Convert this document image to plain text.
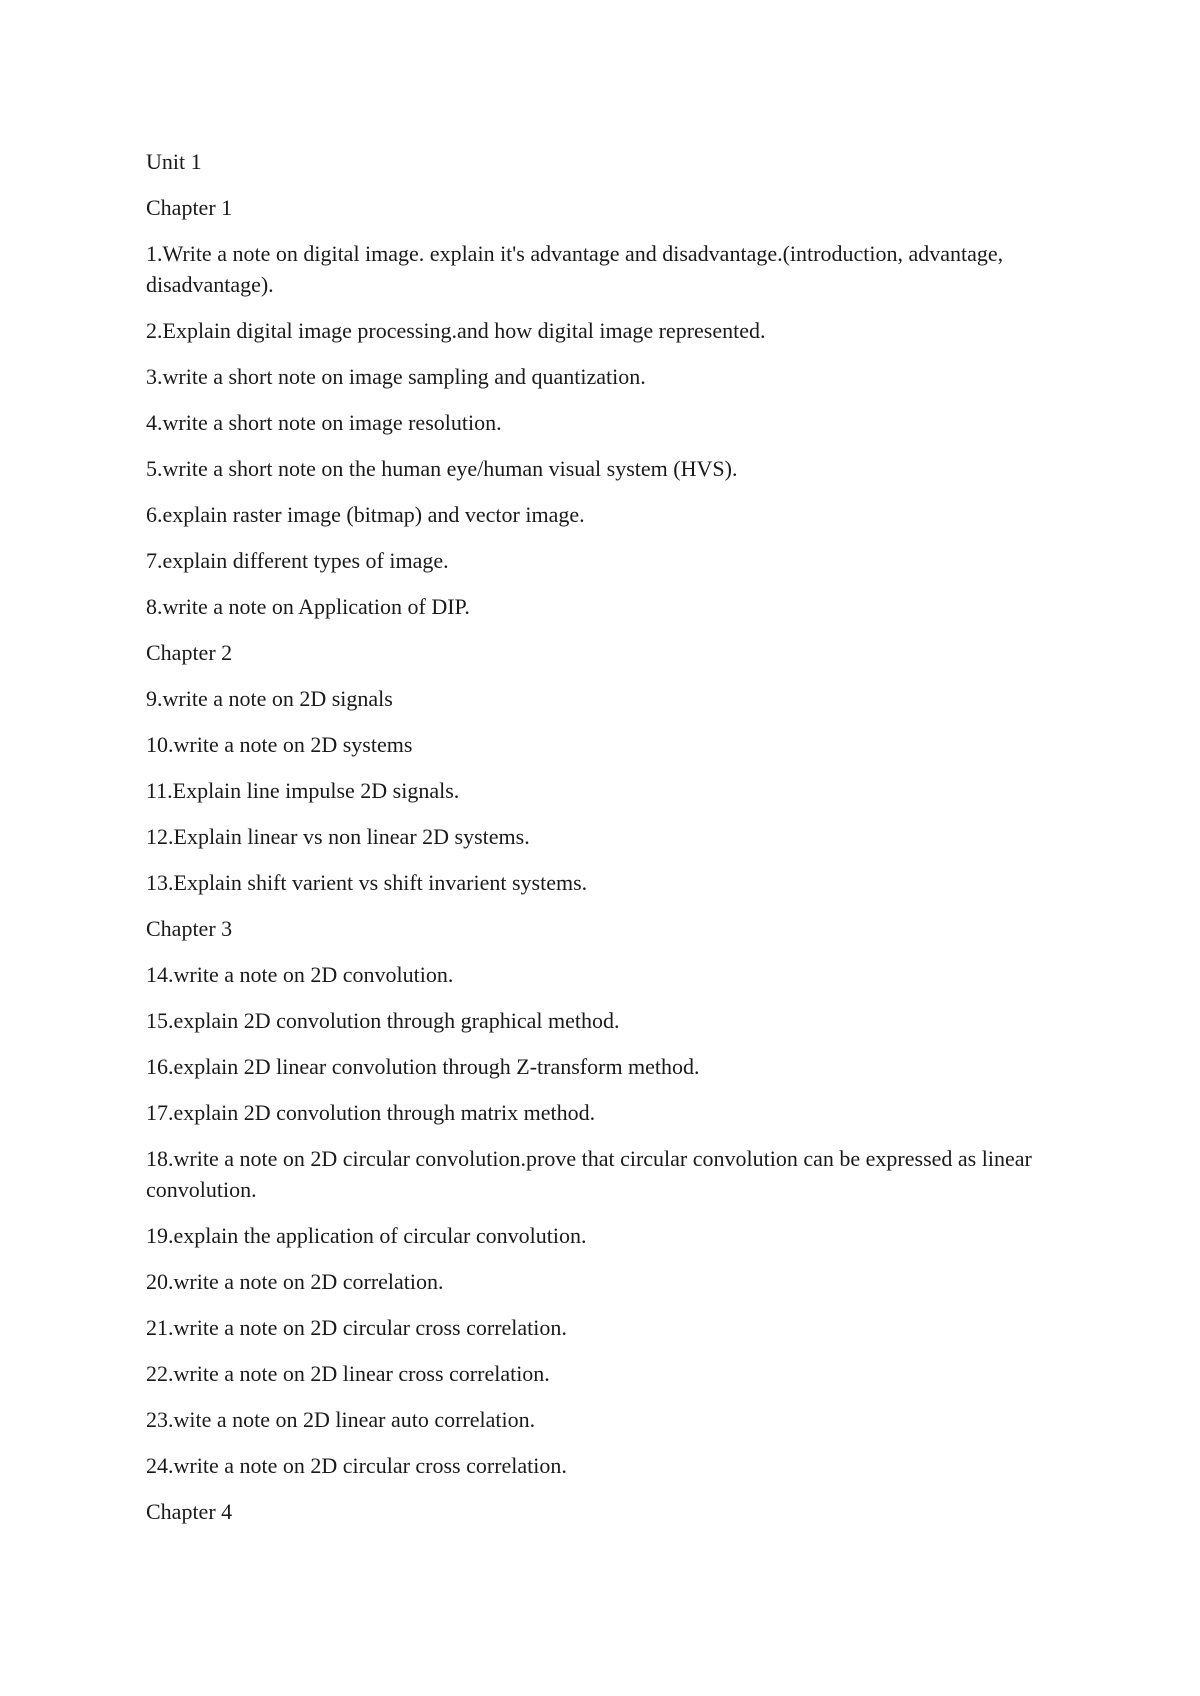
Unit 1
Chapter 1
1.Write a note on digital image. explain it's advantage and disadvantage.(introduction, advantage, disadvantage).
2.Explain digital image processing.and how digital image represented.
3.write a short note on image sampling and quantization.
4.write a short note on image resolution.
5.write a short note on the human eye/human visual system (HVS).
6.explain raster image (bitmap) and vector image.
7.explain different types of image.
8.write a note on Application of DIP.
Chapter 2
9.write a note on 2D signals
10.write a note on 2D systems
11.Explain line impulse 2D signals.
12.Explain linear vs non linear 2D systems.
13.Explain shift varient vs shift invarient systems.
Chapter 3
14.write a note on 2D convolution.
15.explain 2D convolution through graphical method.
16.explain 2D linear convolution through Z-transform method.
17.explain 2D convolution through matrix method.
18.write a note on 2D circular convolution.prove that circular convolution can be expressed as linear convolution.
19.explain the application of circular convolution.
20.write a note on 2D correlation.
21.write a note on 2D circular cross correlation.
22.write a note on 2D linear cross correlation.
23.wite a note on 2D linear auto correlation.
24.write a note on 2D circular cross correlation.
Chapter 4
